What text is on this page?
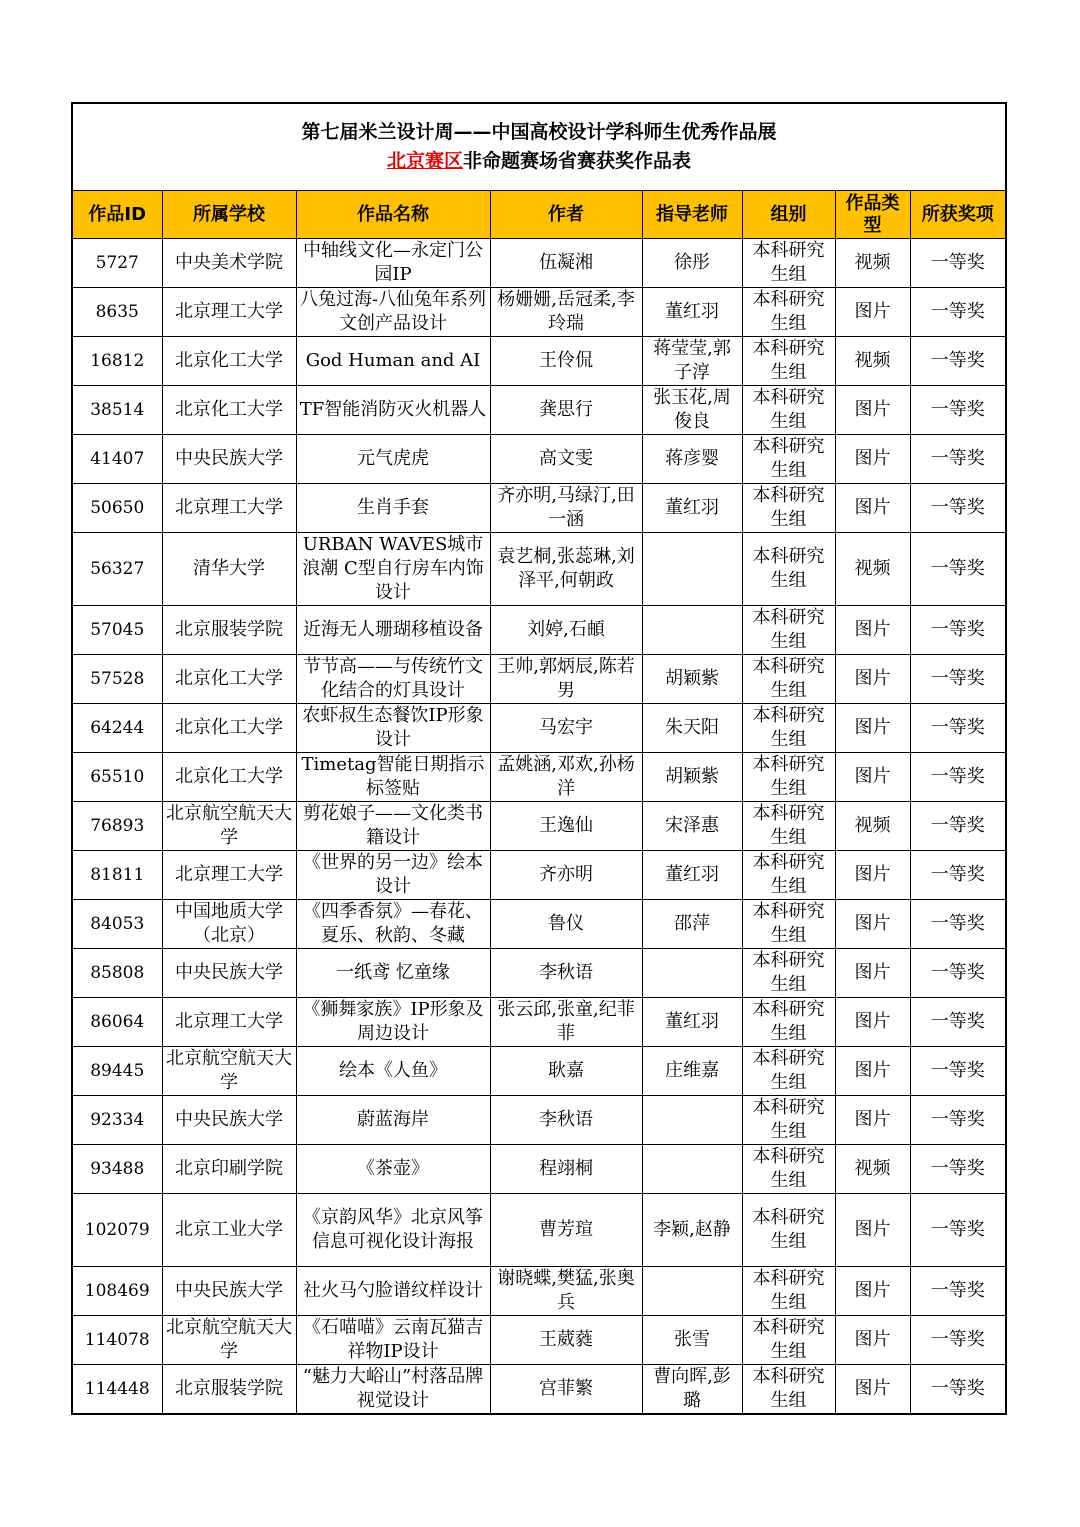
第七届米兰设计周——中国高校设计学科师生优秀作品展
北京赛区非命题赛场省赛获奖作品表
作品ID	所属学校	作品名称	作者	指导老师	组别	作品类型	所获奖项
5727	中央美术学院	中轴线文化—永定门公园IP	伍凝湘	徐彤	本科研究生组	视频	一等奖
8635	北京理工大学	八兔过海-八仙兔年系列文创产品设计	杨姗姗,岳冠柔,李玲瑞	董红羽	本科研究生组	图片	一等奖
16812	北京化工大学	God Human and AI	王伶侃	蒋莹莹,郭子淳	本科研究生组	视频	一等奖
38514	北京化工大学	TF智能消防灭火机器人	龚思行	张玉花,周俊良	本科研究生组	图片	一等奖
41407	中央民族大学	元气虎虎	高文雯	蒋彦婴	本科研究生组	图片	一等奖
50650	北京理工大学	生肖手套	齐亦明,马绿汀,田一涵	董红羽	本科研究生组	图片	一等奖
56327	清华大学	URBAN WAVES城市浪潮 C型自行房车内饰设计	袁艺桐,张蕊琳,刘泽平,何朝政		本科研究生组	视频	一等奖
57045	北京服装学院	近海无人珊瑚移植设备	刘婷,石頔		本科研究生组	图片	一等奖
57528	北京化工大学	节节高——与传统竹文化结合的灯具设计	王帅,郭炳辰,陈若男	胡颖紫	本科研究生组	图片	一等奖
64244	北京化工大学	农虾叔生态餐饮IP形象设计	马宏宇	朱天阳	本科研究生组	图片	一等奖
65510	北京化工大学	Timetag智能日期指示标签贴	孟姚涵,邓欢,孙杨洋	胡颖紫	本科研究生组	图片	一等奖
76893	北京航空航天大学	剪花娘子——文化类书籍设计	王逸仙	宋泽惠	本科研究生组	视频	一等奖
81811	北京理工大学	《世界的另一边》绘本设计	齐亦明	董红羽	本科研究生组	图片	一等奖
84053	中国地质大学（北京）	《四季香氛》—春花、夏乐、秋韵、冬藏	鲁仪	邵萍	本科研究生组	图片	一等奖
85808	中央民族大学	一纸鸢 忆童缘	李秋语		本科研究生组	图片	一等奖
86064	北京理工大学	《狮舞家族》IP形象及周边设计	张云邱,张童,纪菲菲	董红羽	本科研究生组	图片	一等奖
89445	北京航空航天大学	绘本《人鱼》	耿嘉	庄维嘉	本科研究生组	图片	一等奖
92334	中央民族大学	蔚蓝海岸	李秋语		本科研究生组	图片	一等奖
93488	北京印刷学院	《茶壶》	程翊桐		本科研究生组	视频	一等奖
102079	北京工业大学	《京韵风华》北京风筝信息可视化设计海报	曹芳瑄	李颖,赵静	本科研究生组	图片	一等奖
108469	中央民族大学	社火马勺脸谱纹样设计	谢晓蝶,樊猛,张奥兵		本科研究生组	图片	一等奖
114078	北京航空航天大学	《石喵喵》云南瓦猫吉祥物IP设计	王葳蕤	张雪	本科研究生组	图片	一等奖
114448	北京服装学院	“魅力大峪山”村落品牌视觉设计	宫菲繁	曹向晖,彭璐	本科研究生组	图片	一等奖
